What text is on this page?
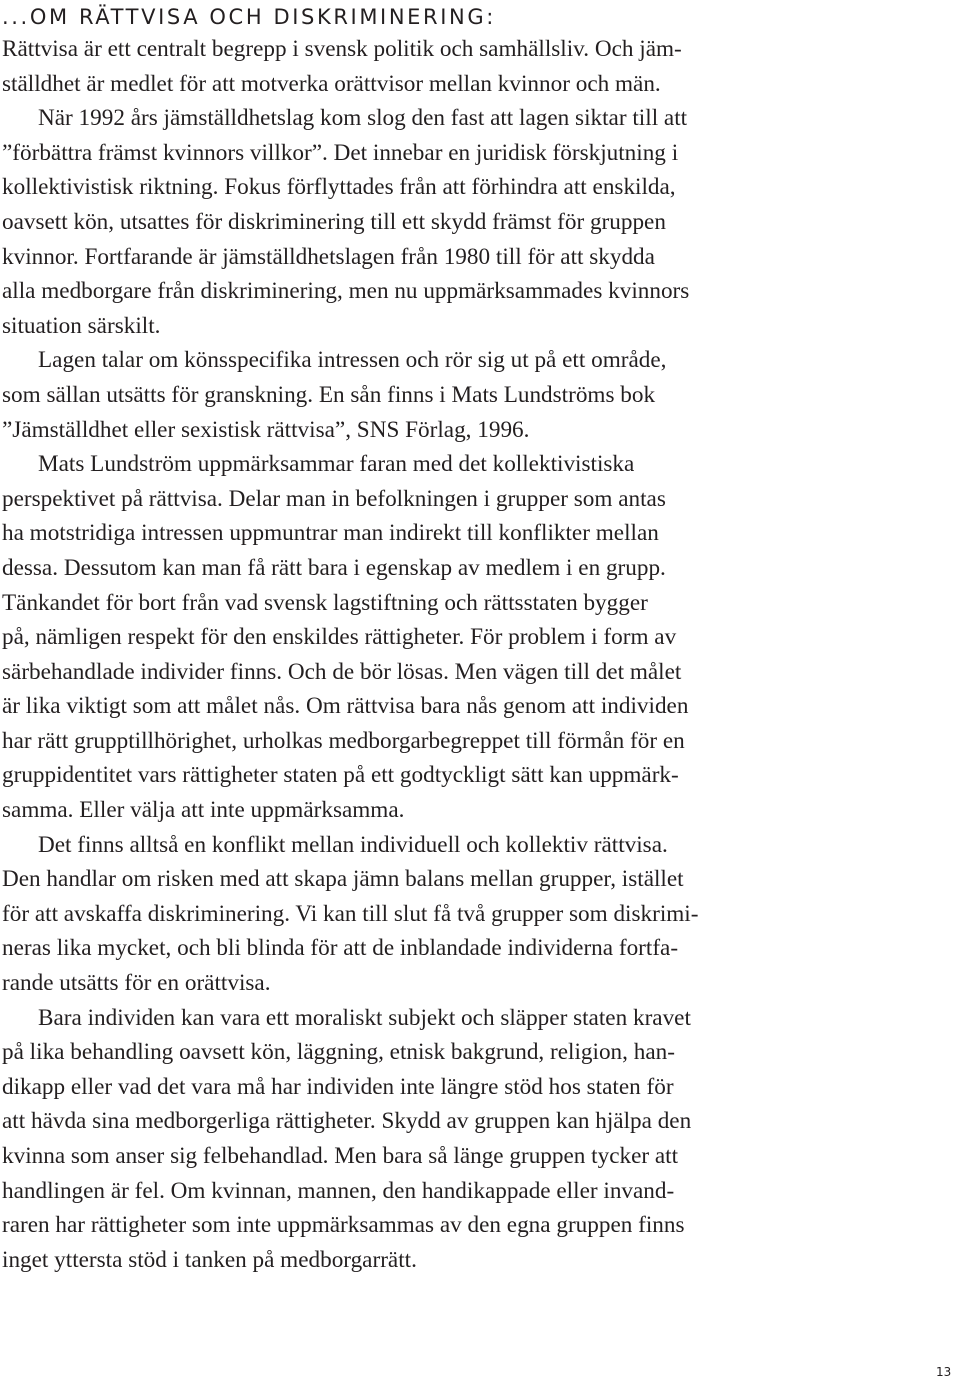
...OM RÄTTVISA OCH DISKRIMINERING:

Rättvisa är ett centralt begrepp i svensk politik och samhällsliv. Och jäm-
ställdhet är medlet för att motverka orättvisor mellan kvinnor och män.

När 1992 års jämställdhetslag kom slog den fast att lagen siktar till att
”förbättra främst kvinnors villkor”. Det innebar en juridisk förskjutning i
kollektivistisk riktning. Fokus förflyttades från att förhindra att enskilda,
oavsett kön, utsattes för diskriminering till ett skydd främst för gruppen
kvinnor. Fortfarande är jämställdhetslagen från 1980 till för att skydda
alla medborgare från diskriminering, men nu uppmärksammades kvinnors
situation särskilt.

Lagen talar om könsspecifika intressen och rör sig ut på ett område,
som sällan utsätts för granskning. En sån finns i Mats Lundströms bok
”Jämställdhet eller sexistisk rättvisa”, SNS Förlag, 1996.

Mats Lundström uppmärksammar faran med det kollektivistiska
perspektivet på rättvisa. Delar man in befolkningen i grupper som antas
ha motstridiga intressen uppmuntrar man indirekt till konflikter mellan
dessa. Dessutom kan man få rätt bara i egenskap av medlem i en grupp.
Tänkandet för bort från vad svensk lagstiftning och rättsstaten bygger
på, nämligen respekt för den enskildes rättigheter. För problem i form av
särbehandlade individer finns. Och de bör lösas. Men vägen till det målet
är lika viktigt som att målet nås. Om rättvisa bara nås genom att individen
har rätt grupptillhörighet, urholkas medborgarbegreppet till förmån för en
gruppidentitet vars rättigheter staten på ett godtyckligt sätt kan uppmärk-
samma. Eller välja att inte uppmärksamma.

Det finns alltså en konflikt mellan individuell och kollektiv rättvisa.
Den handlar om risken med att skapa jämn balans mellan grupper, istället
för att avskaffa diskriminering. Vi kan till slut få två grupper som diskrimi-
neras lika mycket, och bli blinda för att de inblandade individerna fortfa-
rande utsätts för en orättvisa.

Bara individen kan vara ett moraliskt subjekt och släpper staten kravet
på lika behandling oavsett kön, läggning, etnisk bakgrund, religion, han-
dikapp eller vad det vara må har individen inte längre stöd hos staten för
att hävda sina medborgerliga rättigheter. Skydd av gruppen kan hjälpa den
kvinna som anser sig felbehandlad. Men bara så länge gruppen tycker att
handlingen är fel. Om kvinnan, mannen, den handikappade eller invand-
raren har rättigheter som inte uppmärksammas av den egna gruppen finns
inget yttersta stöd i tanken på medborgarrätt.

13
